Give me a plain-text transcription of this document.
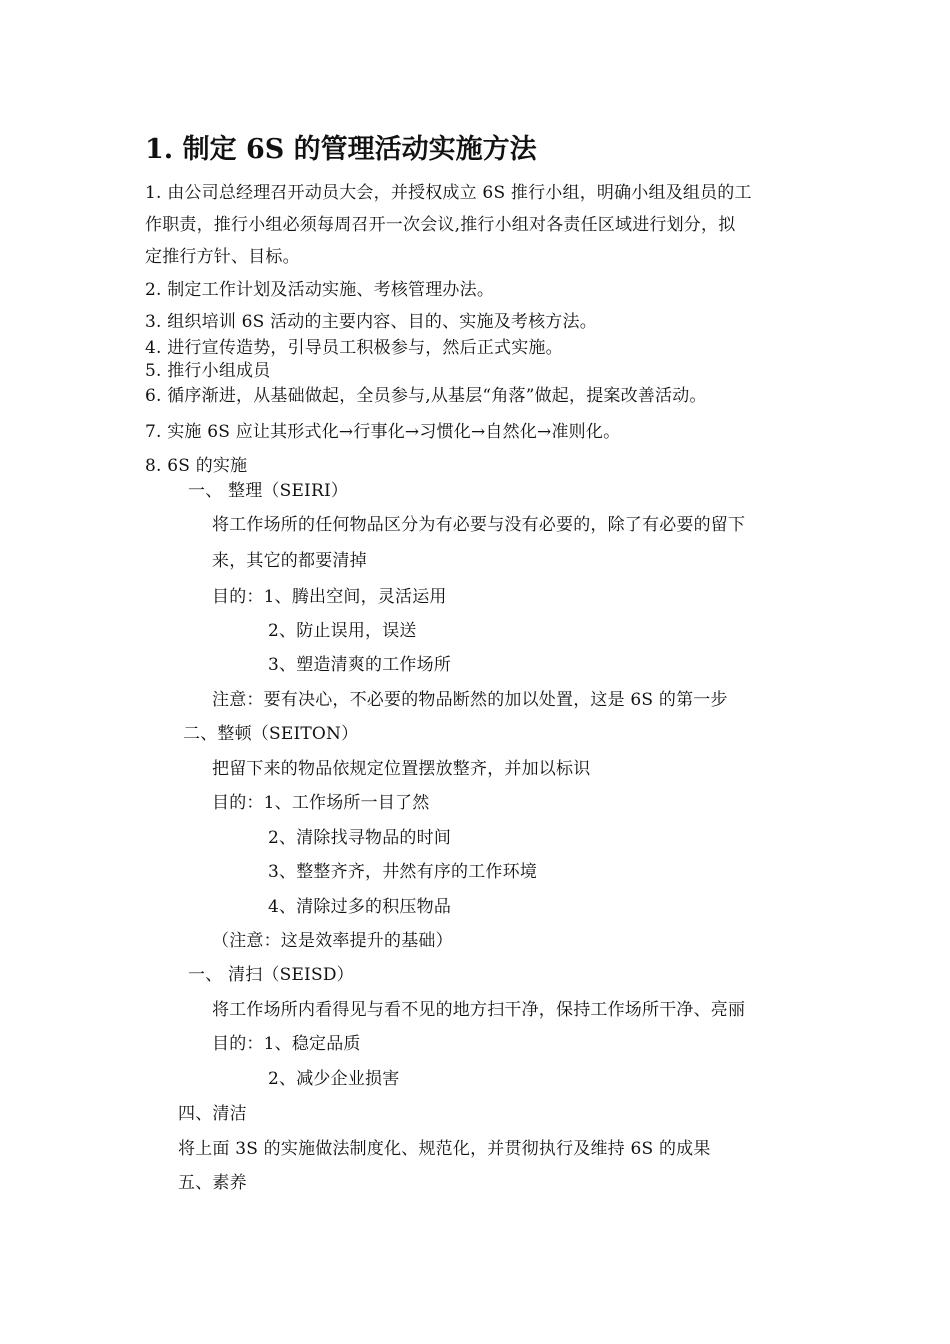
1. 制定 6S 的管理活动实施方法
1. 由公司总经理召开动员大会，并授权成立 6S 推行小组，明确小组及组员的工
作职责，推行小组必须每周召开一次会议,推行小组对各责任区域进行划分，拟
定推行方针、目标。
2. 制定工作计划及活动实施、考核管理办法。
3. 组织培训 6S 活动的主要内容、目的、实施及考核方法。
4. 进行宣传造势，引导员工积极参与，然后正式实施。
5. 推行小组成员
6. 循序渐进，从基础做起，全员参与,从基层“角落”做起，提案改善活动。
7. 实施 6S 应让其形式化→行事化→习惯化→自然化→准则化。
8. 6S 的实施
一、 整理（SEIRI）
将工作场所的任何物品区分为有必要与没有必要的，除了有必要的留下
来，其它的都要清掉
目的：1、腾出空间，灵活运用
2、防止误用，误送
3、塑造清爽的工作场所
注意：要有决心，不必要的物品断然的加以处置，这是 6S 的第一步
二、整顿（SEITON）
把留下来的物品依规定位置摆放整齐，并加以标识
目的：1、工作场所一目了然
2、清除找寻物品的时间
3、整整齐齐，井然有序的工作环境
4、清除过多的积压物品
（注意：这是效率提升的基础）
一、 清扫（SEISD）
将工作场所内看得见与看不见的地方扫干净，保持工作场所干净、亮丽
目的：1、稳定品质
2、减少企业损害
四、清洁
将上面 3S 的实施做法制度化、规范化，并贯彻执行及维持 6S 的成果
五、素养
